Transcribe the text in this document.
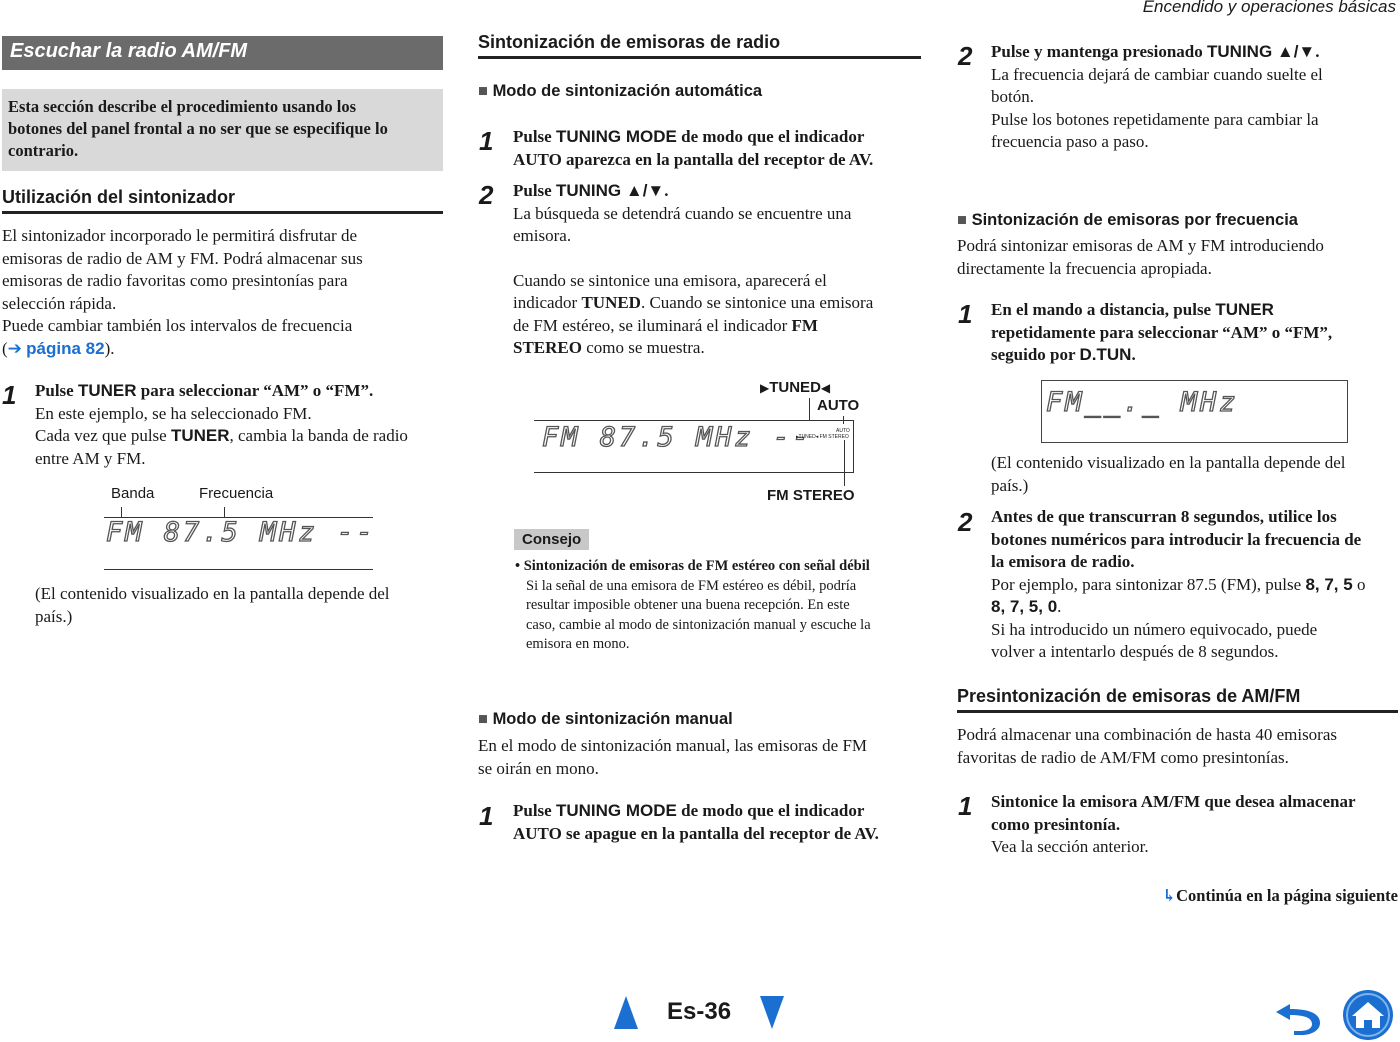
Encendido y operaciones básicas
Escuchar la radio AM/FM
Esta sección describe el procedimiento usando los
botones del panel frontal a no ser que se especifique lo
contrario.
Utilización del sintonizador
El sintonizador incorporado le permitirá disfrutar de
emisoras de radio de AM y FM. Podrá almacenar sus
emisoras de radio favoritas como presintonías para
selección rápida.
Puede cambiar también los intervalos de frecuencia
(➔ página 82).
1 Pulse TUNER para seleccionar “AM” o “FM”.
En este ejemplo, se ha seleccionado FM.
Cada vez que pulse TUNER, cambia la banda de radio
entre AM y FM.
Banda	Frecuencia
FM 87.5 MHz --
(El contenido visualizado en la pantalla depende del
país.)
Sintonización de emisoras de radio
■ Modo de sintonización automática
1 Pulse TUNING MODE de modo que el indicador
AUTO aparezca en la pantalla del receptor de AV.
2 Pulse TUNING ▲/▼.
La búsqueda se detendrá cuando se encuentre una
emisora.
Cuando se sintonice una emisora, aparecerá el
indicador TUNED. Cuando se sintonice una emisora
de FM estéreo, se iluminará el indicador FM
STEREO como se muestra.
▶TUNED◀
AUTO
FM 87.5 MHz --	AUTO
▸TUNED◂ FM STEREO
FM STEREO
Consejo
• Sintonización de emisoras de FM estéreo con señal débil
Si la señal de una emisora de FM estéreo es débil, podría
resultar imposible obtener una buena recepción. En este
caso, cambie al modo de sintonización manual y escuche la
emisora en mono.
■ Modo de sintonización manual
En el modo de sintonización manual, las emisoras de FM
se oirán en mono.
1 Pulse TUNING MODE de modo que el indicador
AUTO se apague en la pantalla del receptor de AV.
2 Pulse y mantenga presionado TUNING ▲/▼.
La frecuencia dejará de cambiar cuando suelte el
botón.
Pulse los botones repetidamente para cambiar la
frecuencia paso a paso.
■ Sintonización de emisoras por frecuencia
Podrá sintonizar emisoras de AM y FM introduciendo
directamente la frecuencia apropiada.
1 En el mando a distancia, pulse TUNER
repetidamente para seleccionar “AM” o “FM”,
seguido por D.TUN.
FM__._ MHz
(El contenido visualizado en la pantalla depende del
país.)
2 Antes de que transcurran 8 segundos, utilice los
botones numéricos para introducir la frecuencia de
la emisora de radio.
Por ejemplo, para sintonizar 87.5 (FM), pulse 8, 7, 5 o
8, 7, 5, 0.
Si ha introducido un número equivocado, puede
volver a intentarlo después de 8 segundos.
Presintonización de emisoras de AM/FM
Podrá almacenar una combinación de hasta 40 emisoras
favoritas de radio de AM/FM como presintonías.
1 Sintonice la emisora AM/FM que desea almacenar
como presintonía.
Vea la sección anterior.
↳Continúa en la página siguiente
Es-36
